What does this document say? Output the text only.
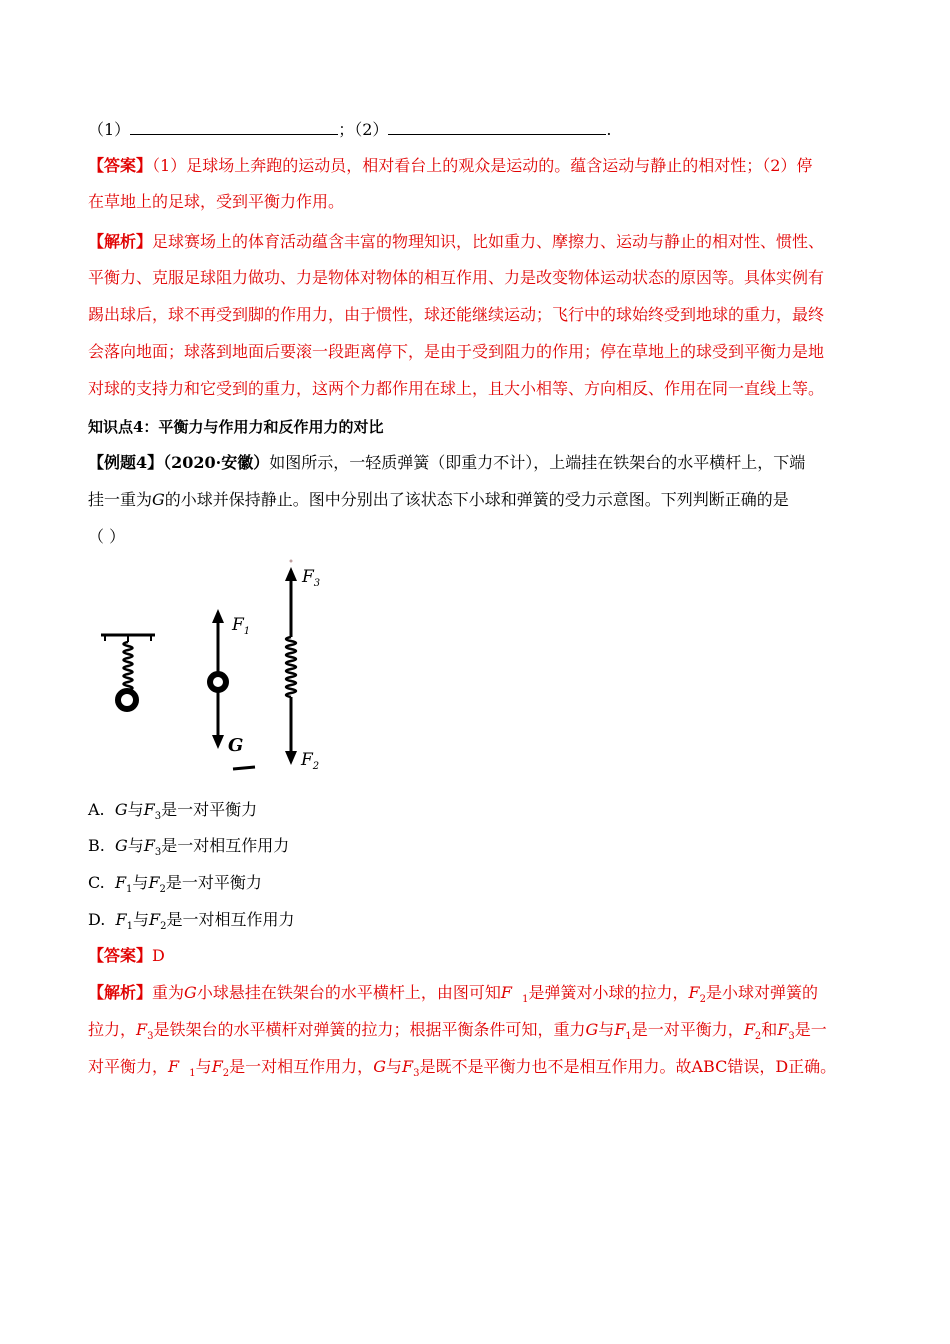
（1）	；（2）	.
【答案】（1）足球场上奔跑的运动员，相对看台上的观众是运动的。蕴含运动与静止的相对性；（2）停
在草地上的足球，受到平衡力作用。
【解析】足球赛场上的体育活动蕴含丰富的物理知识，比如重力、摩擦力、运动与静止的相对性、惯性、
平衡力、克服足球阻力做功、力是物体对物体的相互作用、力是改变物体运动状态的原因等。具体实例有
踢出球后，球不再受到脚的作用力，由于惯性，球还能继续运动；飞行中的球始终受到地球的重力，最终
会落向地面；球落到地面后要滚一段距离停下，是由于受到阻力的作用；停在草地上的球受到平衡力是地
对球的支持力和它受到的重力，这两个力都作用在球上，且大小相等、方向相反、作用在同一直线上等。
知识点4：平衡力与作用力和反作用力的对比
【例题4】（2020·安徽）如图所示，一轻质弹簧（即重力不计），上端挂在铁架台的水平横杆上，下端
挂一重为G的小球并保持静止。图中分别出了该状态下小球和弹簧的受力示意图。下列判断正确的是
（ ）
$F_1$
G
$F_3$
$F_2$
A. G与$F_3$是一对平衡力
B. G与$F_3$是一对相互作用力
C. $F_1$与$F_2$是一对平衡力
D. $F_1$与$F_2$是一对相互作用力
【答案】D
【解析】重为G小球悬挂在铁架台的水平横杆上，由图可知F $_1$是弹簧对小球的拉力，$F_2$是小球对弹簧的
拉力，$F_3$是铁架台的水平横杆对弹簧的拉力；根据平衡条件可知，重力G与$F_1$是一对平衡力，$F_2$和$F_3$是一
对平衡力，F $_1$与$F_2$是一对相互作用力，G与$F_3$是既不是平衡力也不是相互作用力。故ABC错误，D正确。
